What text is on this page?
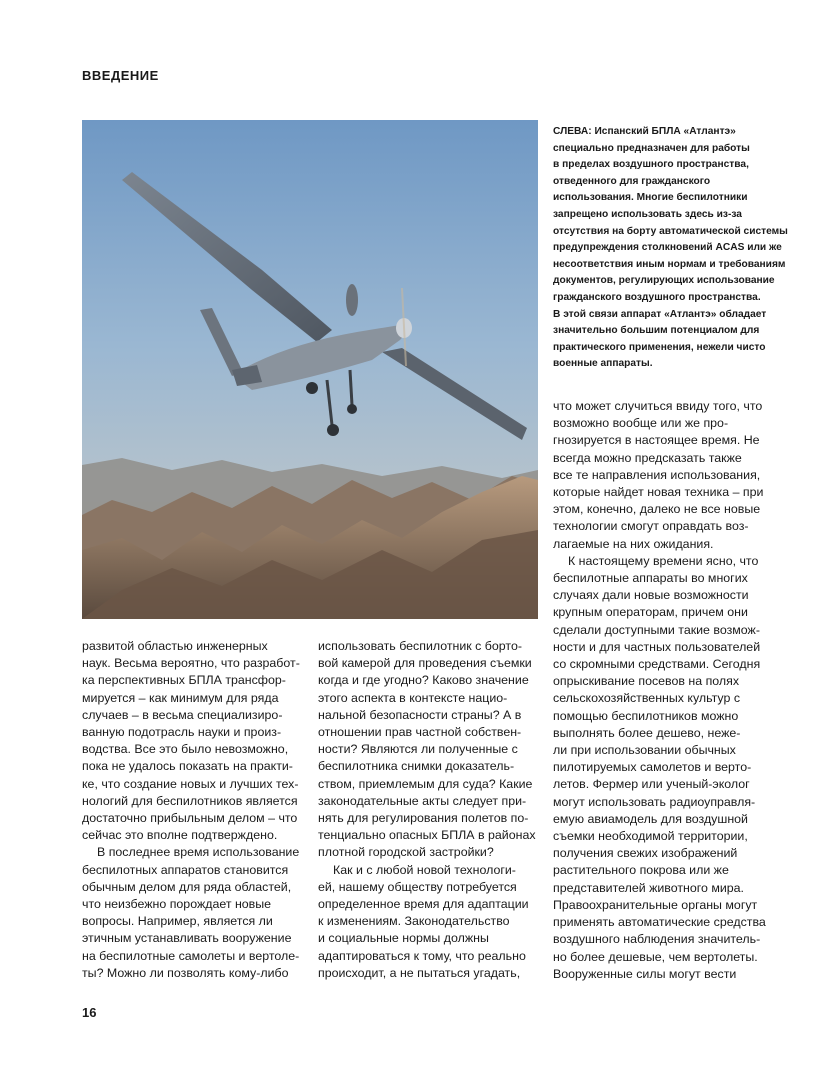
ВВЕДЕНИЕ

СЛЕВА: Испанский БПЛА «Атлантэ»

специально предназначен для работы

в пределах воздушного пространства,

отведенного для гражданского

использования. Многие беспилотники

запрещено использовать здесь из-за

отсутствия на борту автоматической системы

предупреждения столкновений ACAS или же

несоответствия иным нормам и требованиям

документов, регулирующих использование

гражданского воздушного пространства.

В этой связи аппарат «Атлантэ» обладает

значительно большим потенциалом для

практического применения, нежели чисто

военные аппараты.

развитой областью инженерных

наук. Весьма вероятно, что разработ-

ка перспективных БПЛА трансфор-

мируется – как минимум для ряда

случаев – в весьма специализиро-

ванную подотрасль науки и произ-

водства. Все это было невозможно,

пока не удалось показать на практи-

ке, что создание новых и лучших тех-

нологий для беспилотников является

достаточно прибыльным делом – что

сейчас это вполне подтверждено.

В последнее время использование

беспилотных аппаратов становится

обычным делом для ряда областей,

что неизбежно порождает новые

вопросы. Например, является ли

этичным устанавливать вооружение

на беспилотные самолеты и вертоле-

ты? Можно ли позволять кому-либо

использовать беспилотник с борто-

вой камерой для проведения съемки

когда и где угодно? Каково значение

этого аспекта в контексте нацио-

нальной безопасности страны? А в

отношении прав частной собствен-

ности? Являются ли полученные с

беспилотника снимки доказатель-

ством, приемлемым для суда? Какие

законодательные акты следует при-

нять для регулирования полетов по-

тенциально опасных БПЛА в районах

плотной городской застройки?

Как и с любой новой технологи-

ей, нашему обществу потребуется

определенное время для адаптации

к изменениям. Законодательство

и социальные нормы должны

адаптироваться к тому, что реально

происходит, а не пытаться угадать,

что может случиться ввиду того, что

возможно вообще или же про-

гнозируется в настоящее время. Не

всегда можно предсказать также

все те направления использования,

которые найдет новая техника – при

этом, конечно, далеко не все новые

технологии смогут оправдать воз-

лагаемые на них ожидания.

К настоящему времени ясно, что

беспилотные аппараты во многих

случаях дали новые возможности

крупным операторам, причем они

сделали доступными такие возмож-

ности и для частных пользователей

со скромными средствами. Сегодня

опрыскивание посевов на полях

сельскохозяйственных культур с

помощью беспилотников можно

выполнять более дешево, неже-

ли при использовании обычных

пилотируемых самолетов и верто-

летов. Фермер или ученый-эколог

могут использовать радиоуправля-

емую авиамодель для воздушной

съемки необходимой территории,

получения свежих изображений

растительного покрова или же

представителей животного мира.

Правоохранительные органы могут

применять автоматические средства

воздушного наблюдения значитель-

но более дешевые, чем вертолеты.

Вооруженные силы могут вести

16
